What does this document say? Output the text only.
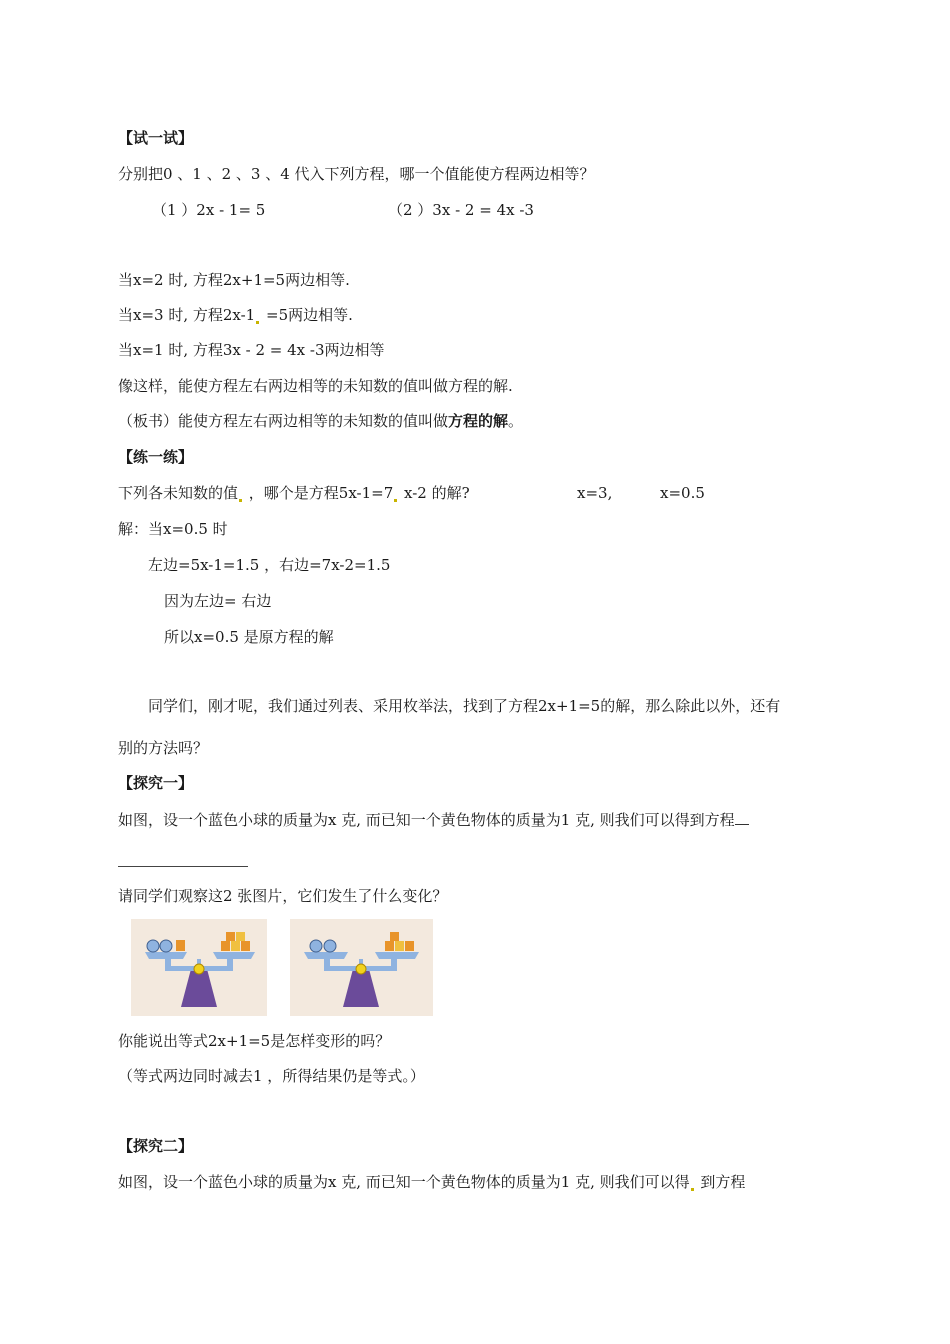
【试一试】
分别把0 、1 、2 、3 、4 代入下列方程，哪一个值能使方程两边相等？
（1 ）2x - 1= 5	（2 ）3x - 2 = 4x -3
当x=2 时, 方程2x+1=5两边相等.
当x=3 时, 方程2x-1 =5两边相等.
当x=1 时, 方程3x - 2 = 4x -3两边相等
像这样，能使方程左右两边相等的未知数的值叫做方程的解.
（板书）能使方程左右两边相等的未知数的值叫做方程的解。
【练一练】
下列各未知数的值 ，哪个是方程5x-1=7 x-2 的解?	x=3,	x=0.5
解：当x=0.5 时
左边=5x-1=1.5 ，右边=7x-2=1.5
因为左边= 右边
所以x=0.5 是原方程的解
同学们，刚才呢，我们通过列表、采用枚举法，找到了方程2x+1=5的解，那么除此以外，还有
别的方法吗？
【探究一】
如图，设一个蓝色小球的质量为x 克, 而已知一个黄色物体的质量为1 克, 则我们可以得到方程
请同学们观察这2 张图片，它们发生了什么变化？
你能说出等式2x+1=5是怎样变形的吗？
（等式两边同时减去1 ，所得结果仍是等式。）
【探究二】
如图，设一个蓝色小球的质量为x 克, 而已知一个黄色物体的质量为1 克, 则我们可以得 到方程
